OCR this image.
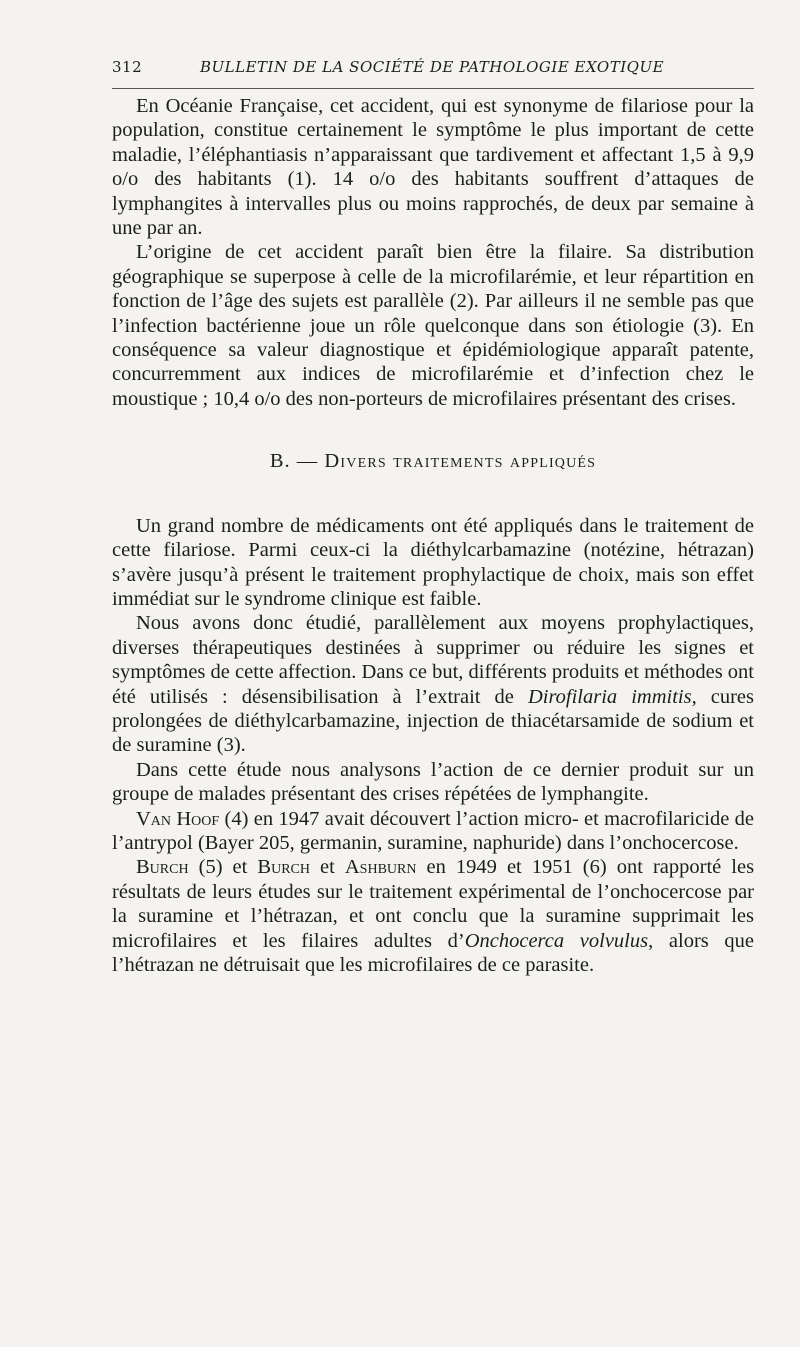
312	BULLETIN DE LA SOCIÉTÉ DE PATHOLOGIE EXOTIQUE

En Océanie Française, cet accident, qui est synonyme de filariose pour la population, constitue certainement le symptôme le plus important de cette maladie, l’éléphantiasis n’apparaissant que tardivement et affectant 1,5 à 9,9 o/o des habitants (1). 14 o/o des habitants souffrent d’attaques de lymphangites à intervalles plus ou moins rapprochés, de deux par semaine à une par an.

L’origine de cet accident paraît bien être la filaire. Sa distribution géographique se superpose à celle de la microfilarémie, et leur répartition en fonction de l’âge des sujets est parallèle (2). Par ailleurs il ne semble pas que l’infection bactérienne joue un rôle quelconque dans son étiologie (3). En conséquence sa valeur diagnostique et épidémiologique apparaît patente, concurremment aux indices de microfilarémie et d’infection chez le moustique ; 10,4 o/o des non-porteurs de microfilaires présentant des crises.

B. — Divers traitements appliqués

Un grand nombre de médicaments ont été appliqués dans le traitement de cette filariose. Parmi ceux-ci la diéthylcarbamazine (notézine, hétrazan) s’avère jusqu’à présent le traitement prophylactique de choix, mais son effet immédiat sur le syndrome clinique est faible.

Nous avons donc étudié, parallèlement aux moyens prophylactiques, diverses thérapeutiques destinées à supprimer ou réduire les signes et symptômes de cette affection. Dans ce but, différents produits et méthodes ont été utilisés : désensibilisation à l’extrait de Dirofilaria immitis, cures prolongées de diéthylcarbamazine, injection de thiacétarsamide de sodium et de suramine (3).

Dans cette étude nous analysons l’action de ce dernier produit sur un groupe de malades présentant des crises répétées de lymphangite.

Van Hoof (4) en 1947 avait découvert l’action micro- et macrofilaricide de l’antrypol (Bayer 205, germanin, suramine, naphuride) dans l’onchocercose.

Burch (5) et Burch et Ashburn en 1949 et 1951 (6) ont rapporté les résultats de leurs études sur le traitement expérimental de l’onchocercose par la suramine et l’hétrazan, et ont conclu que la suramine supprimait les microfilaires et les filaires adultes d’Onchocerca volvulus, alors que l’hétrazan ne détruisait que les microfilaires de ce parasite.
